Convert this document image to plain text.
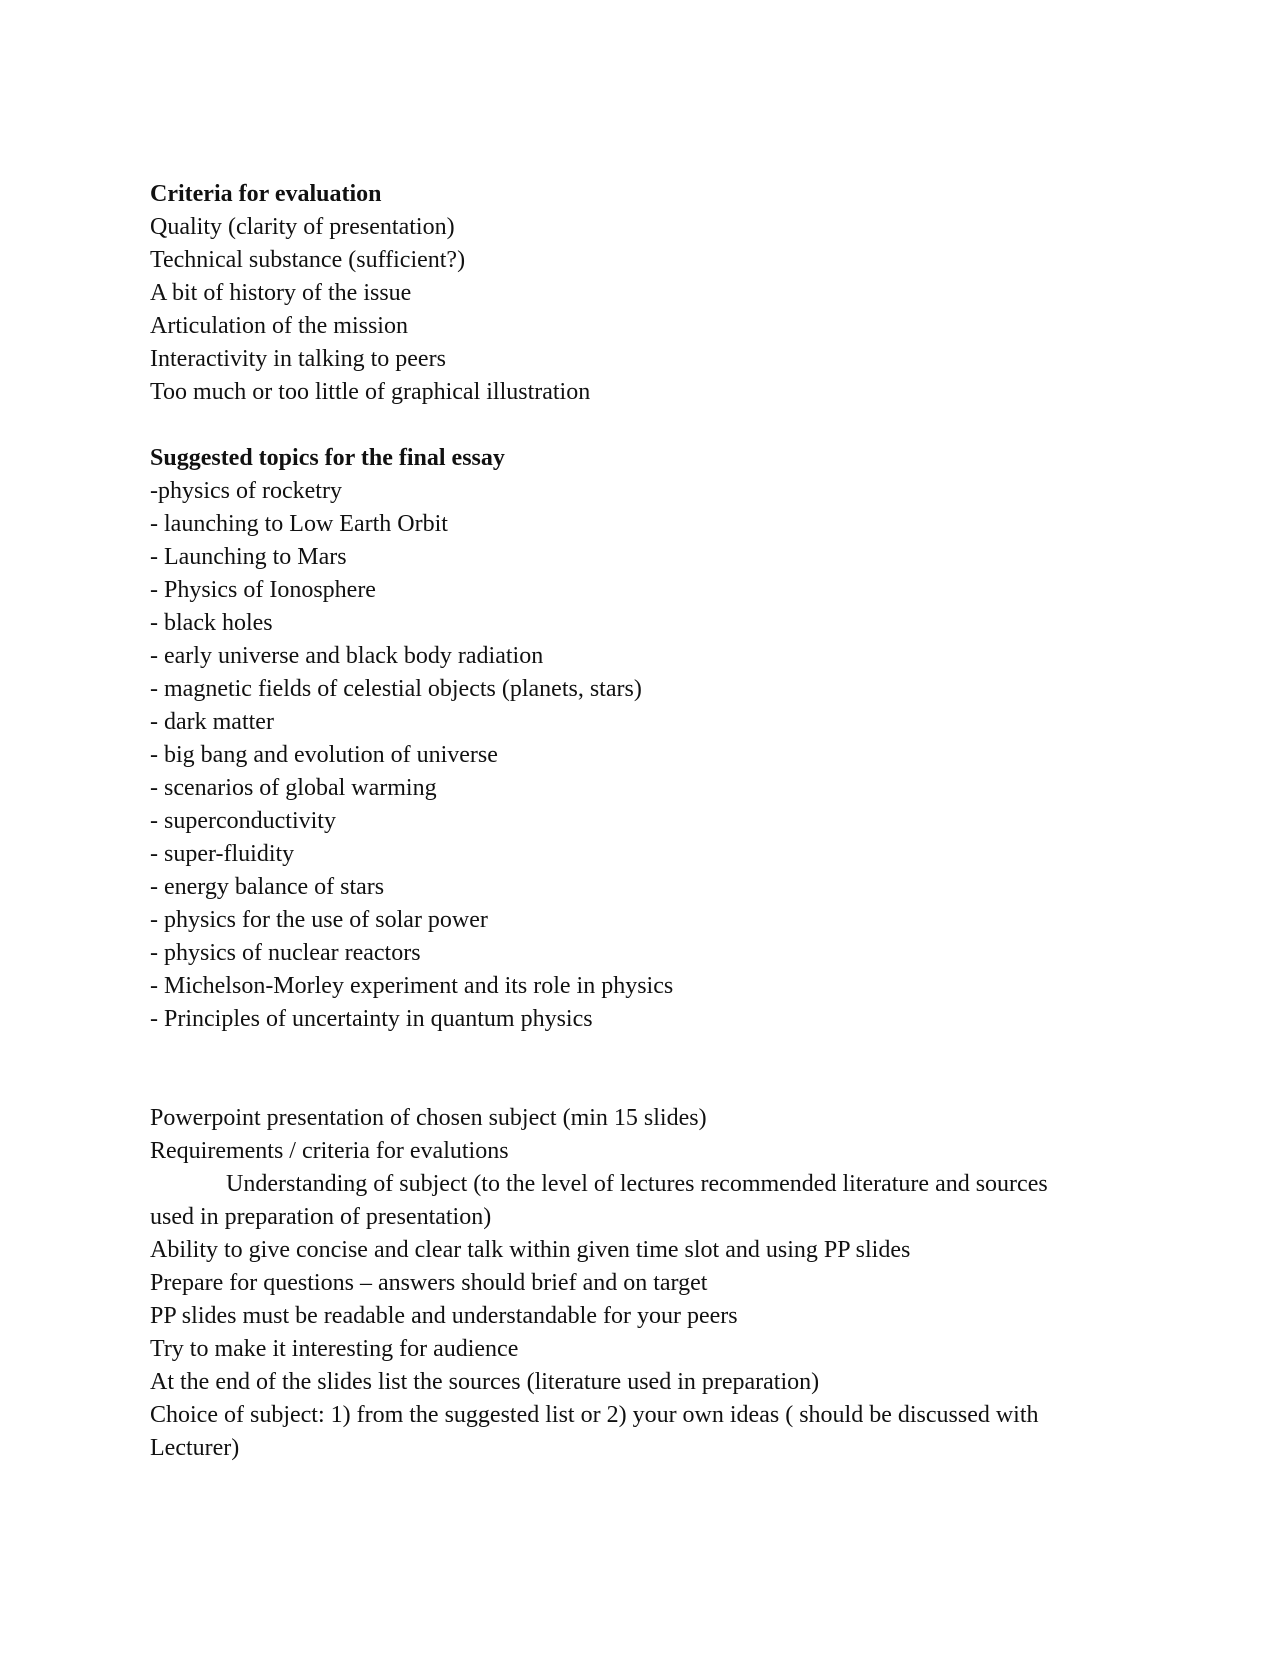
Criteria for evaluation
Quality (clarity of presentation)
Technical substance (sufficient?)
A bit of history of the issue
Articulation of the mission
Interactivity in talking to peers
Too much or too little of graphical illustration
Suggested topics for the final essay
-physics of rocketry
- launching to Low Earth Orbit
- Launching to Mars
- Physics of Ionosphere
- black holes
- early universe and black body radiation
- magnetic fields of celestial objects (planets, stars)
- dark matter
- big bang and evolution of universe
- scenarios of global warming
- superconductivity
- super-fluidity
- energy balance of stars
- physics for the use of solar power
- physics of nuclear reactors
- Michelson-Morley experiment and its role in physics
- Principles of uncertainty in quantum physics
Powerpoint presentation of chosen subject (min 15 slides)
Requirements / criteria for evalutions
Understanding of subject (to the level of lectures recommended literature and sources used in preparation of presentation)
Ability to give concise and clear talk within given time slot and using PP slides
Prepare for questions – answers should brief and on target
PP slides must be readable and understandable for your peers
Try to make it interesting for audience
At the end of the slides list the sources (literature used in preparation)
Choice of subject: 1) from the suggested list or 2) your own ideas ( should be discussed with Lecturer)
